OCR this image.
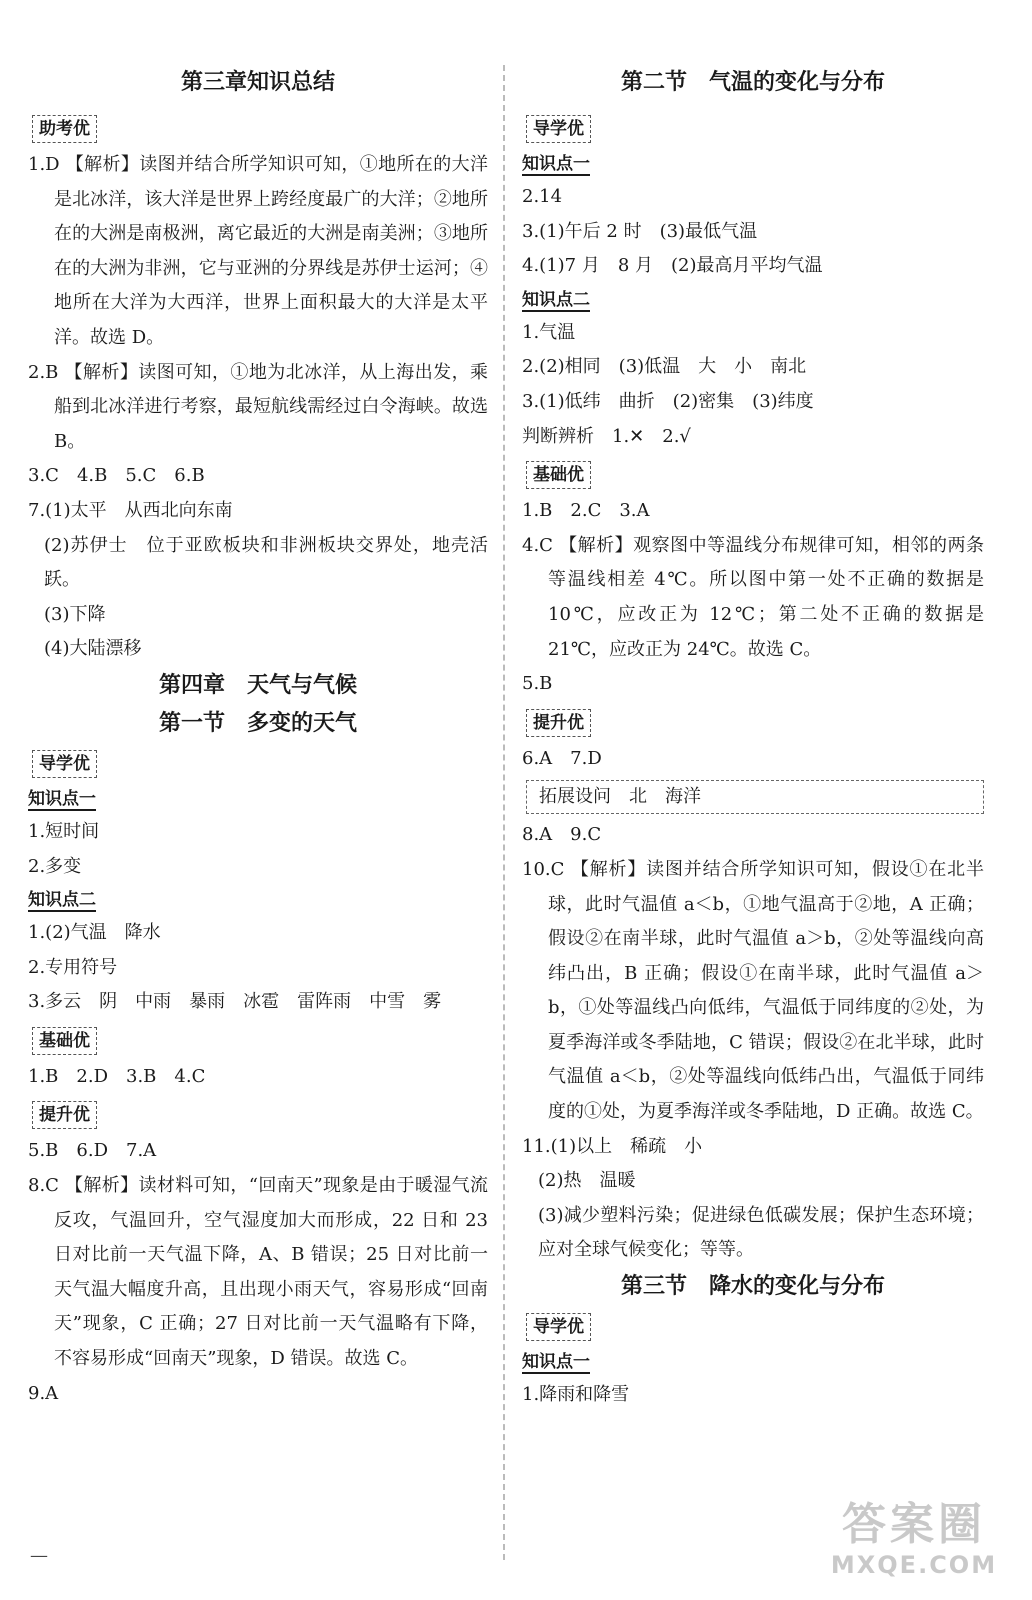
第三章知识总结
助考优
1.D 【解析】读图并结合所学知识可知，①地所在的大洋是北冰洋，该大洋是世界上跨经度最广的大洋；②地所在的大洲是南极洲，离它最近的大洲是南美洲；③地所在的大洲为非洲，它与亚洲的分界线是苏伊士运河；④地所在大洋为大西洋，世界上面积最大的大洋是太平洋。故选 D。
2.B 【解析】读图可知，①地为北冰洋，从上海出发，乘船到北冰洋进行考察，最短航线需经过白令海峡。故选 B。
3.C　4.B　5.C　6.B
7.(1)太平　从西北向东南
(2)苏伊士　位于亚欧板块和非洲板块交界处，地壳活跃。
(3)下降
(4)大陆漂移
第四章　天气与气候
第一节　多变的天气
导学优
知识点一
1.短时间
2.多变
知识点二
1.(2)气温　降水
2.专用符号
3.多云　阴　中雨　暴雨　冰雹　雷阵雨　中雪　雾
基础优
1.B　2.D　3.B　4.C
提升优
5.B　6.D　7.A
8.C 【解析】读材料可知，“回南天”现象是由于暖湿气流反攻，气温回升，空气湿度加大而形成，22 日和 23 日对比前一天气温下降，A、B 错误；25 日对比前一天气温大幅度升高，且出现小雨天气，容易形成“回南天”现象，C 正确；27 日对比前一天气温略有下降，不容易形成“回南天”现象，D 错误。故选 C。
9.A
第二节　气温的变化与分布
导学优
知识点一
2.14
3.(1)午后 2 时　(3)最低气温
4.(1)7 月　8 月　(2)最高月平均气温
知识点二
1.气温
2.(2)相同　(3)低温　大　小　南北
3.(1)低纬　曲折　(2)密集　(3)纬度
判断辨析　1.✕　2.√
基础优
1.B　2.C　3.A
4.C 【解析】观察图中等温线分布规律可知，相邻的两条等温线相差 4℃。所以图中第一处不正确的数据是 10℃，应改正为 12℃；第二处不正确的数据是 21℃，应改正为 24℃。故选 C。
5.B
提升优
6.A　7.D
拓展设问　北　海洋
8.A　9.C
10.C 【解析】读图并结合所学知识可知，假设①在北半球，此时气温值 a＜b，①地气温高于②地，A 正确；假设②在南半球，此时气温值 a＞b，②处等温线向高纬凸出，B 正确；假设①在南半球，此时气温值 a＞b，①处等温线凸向低纬，气温低于同纬度的②处，为夏季海洋或冬季陆地，C 错误；假设②在北半球，此时气温值 a＜b，②处等温线向低纬凸出，气温低于同纬度的①处，为夏季海洋或冬季陆地，D 正确。故选 C。
11.(1)以上　稀疏　小
(2)热　温暖
(3)减少塑料污染；促进绿色低碳发展；保护生态环境；应对全球气候变化；等等。
第三节　降水的变化与分布
导学优
知识点一
1.降雨和降雪
—
答案圈
MXQE.COM
